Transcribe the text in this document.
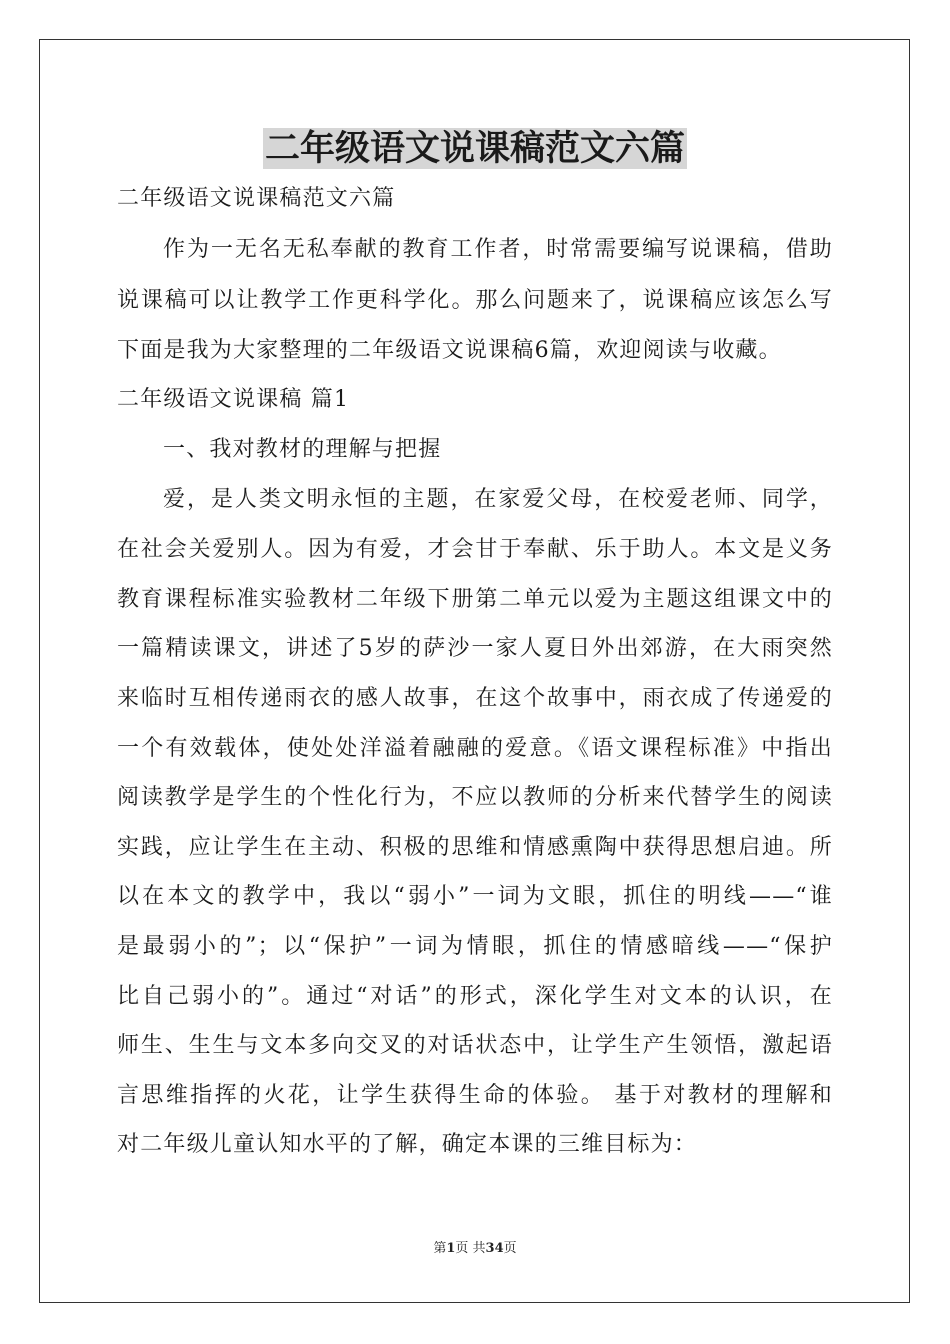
二年级语文说课稿范文六篇
二年级语文说课稿范文六篇
作为一无名无私奉献的教育工作者，时常需要编写说课稿，借助
说课稿可以让教学工作更科学化。那么问题来了，说课稿应该怎么写
下面是我为大家整理的二年级语文说课稿6篇，欢迎阅读与收藏。
二年级语文说课稿 篇1
一、我对教材的理解与把握
爱，是人类文明永恒的主题，在家爱父母，在校爱老师、同学，
在社会关爱别人。因为有爱，才会甘于奉献、乐于助人。本文是义务
教育课程标准实验教材二年级下册第二单元以爱为主题这组课文中的
一篇精读课文，讲述了5岁的萨沙一家人夏日外出郊游，在大雨突然
来临时互相传递雨衣的感人故事，在这个故事中，雨衣成了传递爱的
一个有效载体，使处处洋溢着融融的爱意。《语文课程标准》中指出
阅读教学是学生的个性化行为，不应以教师的分析来代替学生的阅读
实践，应让学生在主动、积极的思维和情感熏陶中获得思想启迪。所
以在本文的教学中，我以“弱小”一词为文眼，抓住的明线——“谁
是最弱小的”；以“保护”一词为情眼，抓住的情感暗线——“保护
比自己弱小的”。通过“对话”的形式，深化学生对文本的认识，在
师生、生生与文本多向交叉的对话状态中，让学生产生领悟，激起语
言思维指挥的火花，让学生获得生命的体验。 基于对教材的理解和
对二年级儿童认知水平的了解，确定本课的三维目标为：
第1页 共34页
